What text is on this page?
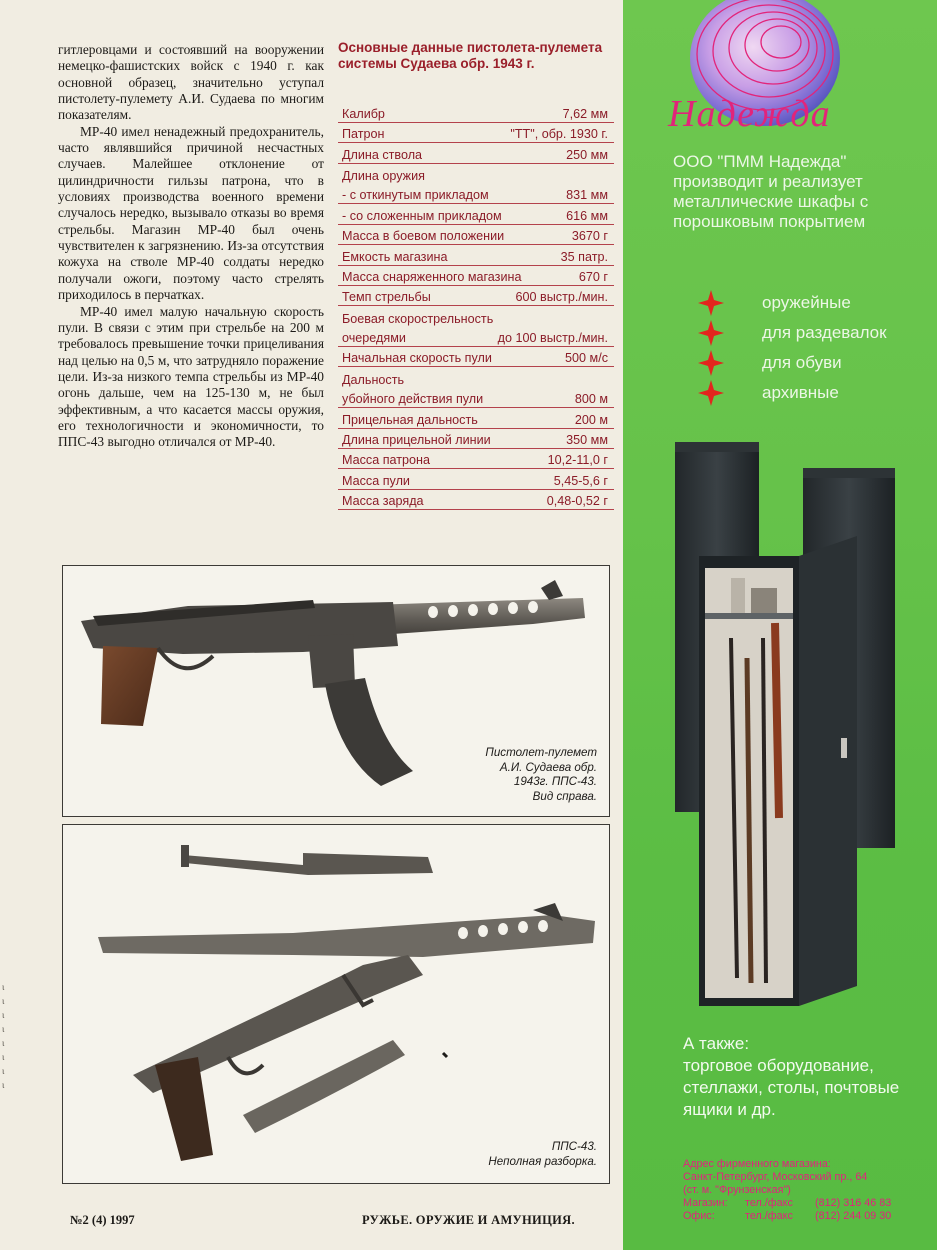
гитлеровцами и состоявший на вооружении немецко-фашистских войск с 1940 г. как основной образец, значительно уступал пистолету-пулемету А.И. Судаева по многим показателям.

МР-40 имел ненадежный предохранитель, часто являвшийся причиной несчастных случаев. Малейшее отклонение от цилиндричности гильзы патрона, что в условиях производства военного времени случалось нередко, вызывало отказы во время стрельбы. Магазин МР-40 был очень чувствителен к загрязнению. Из-за отсутствия кожуха на стволе МР-40 солдаты нередко получали ожоги, поэтому часто стрелять приходилось в перчатках.

МР-40 имел малую начальную скорость пули. В связи с этим при стрельбе на 200 м требовалось превышение точки прицеливания над целью на 0,5 м, что затрудняло поражение цели. Из-за низкого темпа стрельбы из МР-40 огонь дальше, чем на 125-130 м, не был эффективным, а что касается массы оружия, его технологичности и экономичности, то ППС-43 выгодно отличался от МР-40.

Основные данные пистолета-пулемета системы Судаева обр. 1943 г.
Калибр	7,62 мм
Патрон	"ТТ", обр. 1930 г.
Длина ствола	250 мм
Длина оружия
- с откинутым прикладом	831 мм
- со сложенным прикладом	616 мм
Масса в боевом положении	3670 г
Емкость магазина	35 патр.
Масса снаряженного магазина	670 г
Темп стрельбы	600 выстр./мин.
Боевая скорострельность
очередями	до 100 выстр./мин.
Начальная скорость пули	500 м/с
Дальность
убойного действия пули	800 м
Прицельная дальность	200 м
Длина прицельной линии	350 мм
Масса патрона	10,2-11,0 г
Масса пули	5,45-5,6 г
Масса заряда	0,48-0,52 г
Пистолет-пулемет
А.И. Судаева обр.
1943г. ППС-43.
Вид справа.
ППС-43.
Неполная разборка.
№2 (4) 1997	РУЖЬЕ. ОРУЖИЕ И АМУНИЦИЯ.
ι
ι
ι
ι
ι
ι
ι
ι
Надежда
ООО "ПММ Надежда" производит и реализует металлические шкафы с порошковым покрытием
оружейные
для раздевалок
для обуви
архивные
А также:
торговое оборудование, стеллажи, столы, почтовые ящики и др.
Адрес фирменного магазина:
Санкт-Петербург, Московский пр., 64
(ст. м. "Фрунзенская")
Магазин:	тел./факс	(812) 316 46 83
Офис:	тел./факс	(812) 244 09 30
